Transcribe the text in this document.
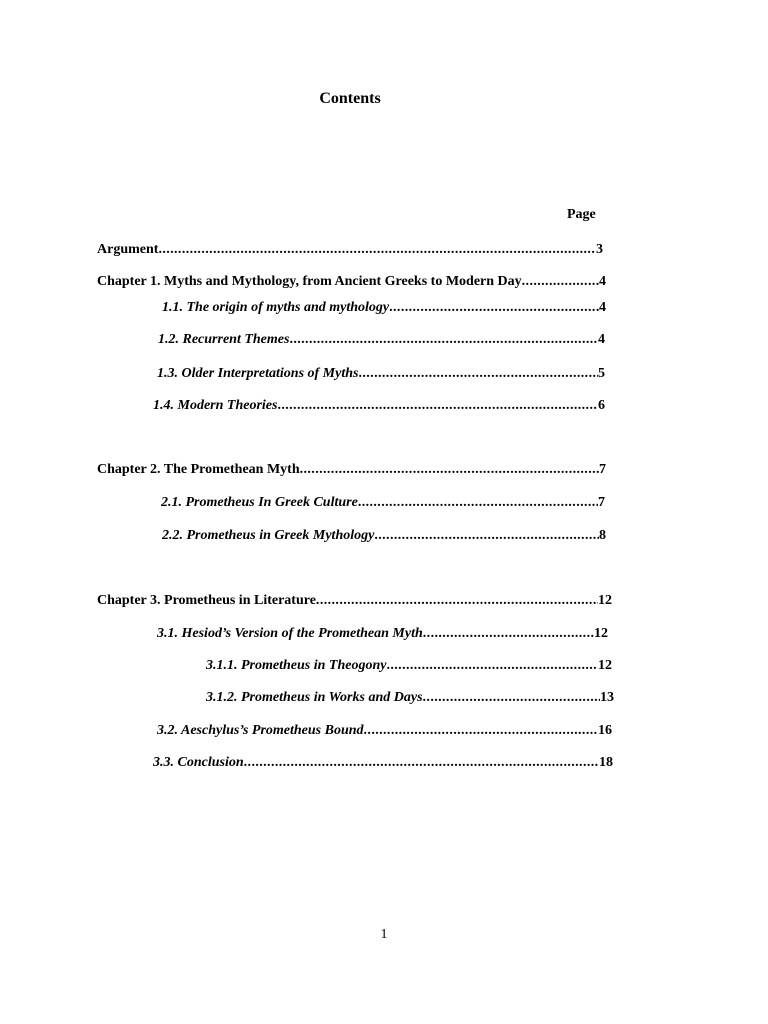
Contents
Page
Argument .....	3
Chapter 1. Myths and Mythology, from Ancient Greeks to Modern Day .....	4
1.1. The origin of myths and mythology .....	4
1.2. Recurrent Themes .....	4
1.3. Older Interpretations of Myths .....	5
1.4. Modern Theories .....	6
Chapter 2. The Promethean Myth .....	7
2.1. Prometheus In Greek Culture .....	7
2.2. Prometheus in Greek Mythology .....	8
Chapter 3. Prometheus in Literature .....	12
3.1. Hesiod’s Version of the Promethean Myth .....	12
3.1.1. Prometheus in Theogony .....	12
3.1.2. Prometheus in Works and Days .....	13
3.2. Aeschylus’s Prometheus Bound .....	16
3.3. Conclusion .....	18
1
